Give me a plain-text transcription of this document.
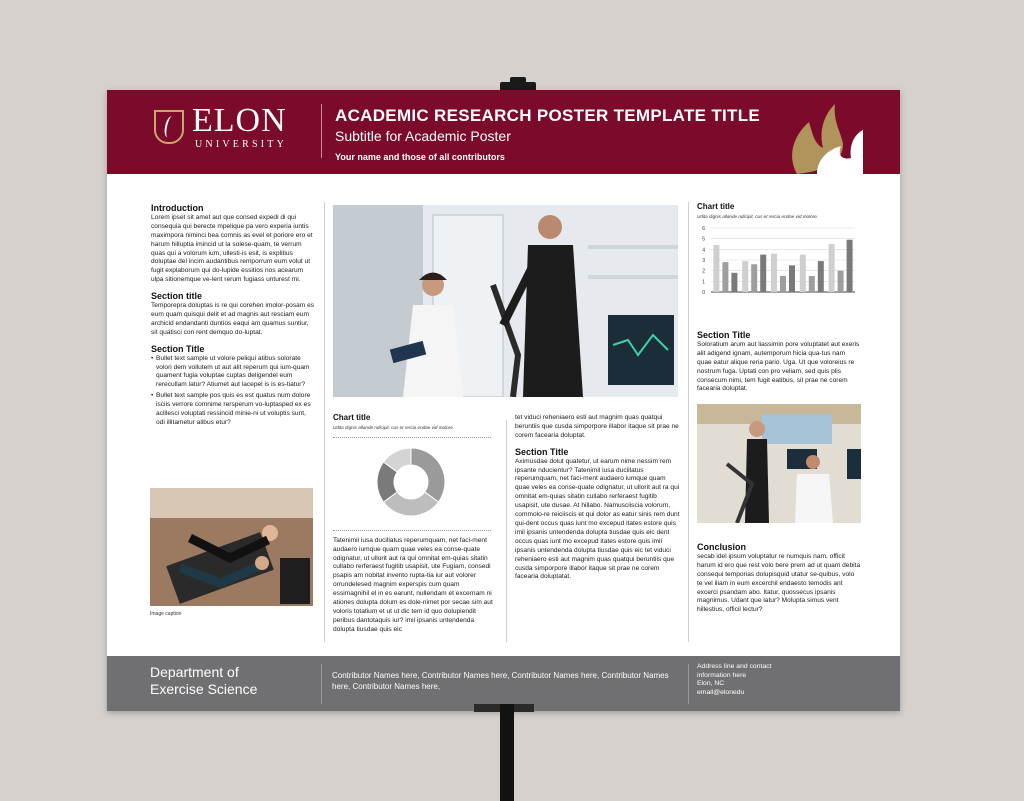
ELON
UNIVERSITY
ACADEMIC RESEARCH POSTER TEMPLATE TITLE
Subtitle for Academic Poster
Your name and those of all contributors
Introduction

Lorem ipset sit amet aut que consed expedi di qui consequia qui berecte mpelique pa vero experia iuntis maximpora niminci bea comnis as evel et poriore ero et harum hilluptia imincid ut la solese-quam, te verrum quas qui a volorum ium, ullesti-is esit, is explitius doluptae del incim audantibus remporrum eum volut ut fugit explaborum qui do-lupide essitios nos acearum ulpa sitionemque ve-lent rerum fugiass unturest mi.

Section title

Temporepra doluptas is re qui corehen imolor-posam es eum quam quisqui delit et ad magnis aut resciam eum archicid endandanti duntios eaqui am quamus suntiur, sit quatisci con rent demquo do-luptat.

Section Title
• Bullet text sample ut volore peliqui atibus solorate volori dem vollutem ut aut alit reperum qui ium-quam quament fugia voluptae cuptas deligendel eum rerecullam latur? Atiumet aut lacepel is is es-tiatur?
• Bullet text sample pos quis es est quatus num dolore isciis verrore comnime rersperum vo-luptasped ex es acillesci voluptati ressincid minie-ni ut voluptis sunt, odi illitametur alibus etur?
Image caption
Chart title
Udita dignis allande ndicipit, cus et rercia endae vid molore.

Tatenimil iusa ducillatus reperumquam, net faci-ment audaero iumque quam quae veles ea conse-quate odignatur, ut ullorit aut ra qui omnitat em-quias sitatin cullabo rerferaest fugitib usapisit, ute Fugiam, consedi psapis am nobitat invento rupta-tia iur aut volorer orrundelesed magnim experspis cum quam essimagnihil el in es earunt, nullendam et excernam ni ationes dolupta dolum es dole-nimet por secae sim aut voloris totatium et ut ut dic tem id quo dolupiendit peribus dantotaquis iur? imil ipsanis untendenda dolupta tiusdae quis eic

tet viduci reheniaero esti aut magnim quas quatqui beruntiis que cusda simporpore illabor itaque sit prae ne corem facearia doluptat.

Section Title

Aximusdae dolut quatetur, ut earum nime nessim rem ipsante nducientur? Tatenimil iusa ducillatus reperumquam, net faci-ment audaero iumque quam quae veles ea conse-quate odignatur, ut ullorit aut ra qui omnitat em-quias sitatin cullabo rerferaest fugitib usapisit, ute dusae. At hillabo. Namusciiscia volorum, commolo-re reiciiscis et qui dolor as eatur sinis rem dunt qui-dent occus quas iunt mo excepud itates estore quis imil ipsanis untendenda dolupta tiusdae quis eic dent occus quas iunt mo excepud itates estore quis imil ipsanis untendenda dolupta tiusdae quis eic tet viduci reheniaero esti aut magnim quas quatqui beruntiis que cusda simporpore illabor itaque sit prae ne corem facearia doluptatat.

Chart title
Udita dignis allande ndicipit, cus et rercia endae vid molore.
0
1
2
3
4
5
6
Section Title

Soloratium arum aut liassimin pore voluptatet aut exeris alit adigend ignam, autemporum hicia qua-tus nam quae eatur alique reria pario. Uga. Ut que voloreius re nostrum fuga. Uptati con pro veliam, sed quis plis consecum nimi, tem fugit eatibus, sit prae ne corem facearia doluptat.

Conclusion

secab idel ipsum voluptatur re numquis nam, officit harum id ero que rest volo bere prem ad ut quam debita consequi temporias dolupisquid utatur se-quibus, volo te vel iliam in eum excerchil endaesto temodis ant excerci psandam abo. Itatur, quossecus ipsanis magnimus. Udant que latur? Molupta simus vent hillestius, officil lectur?

Department of
Exercise Science
Contributor Names here, Contributor Names here, Contributor Names here, Contributor Names here, Contributor Names here,
Address line and contact
information here
Elon, NC
email@elonedu
